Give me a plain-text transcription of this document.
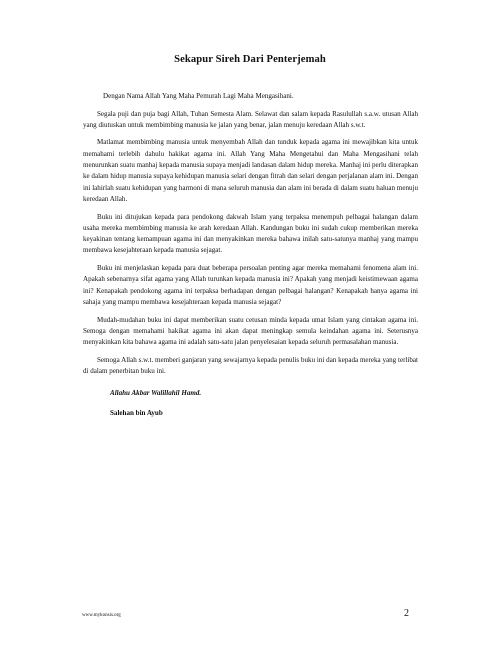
Sekapur Sireh Dari Penterjemah

Dengan Nama Allah Yang Maha Pemurah Lagi Maha Mengasihani.

Segala puji dan puja bagi Allah, Tuhan Semesta Alam. Selawat dan salam kepada Rasulullah s.a.w. utusan Allah yang diutuskan untuk membimbing manusia ke jalan yang benar, jalan menuju keredaan Allah s.w.t.

Matlamat membimbing manusia untuk menyembah Allah dan tunduk kepada agama ini mewajibkan kita untuk memahami terlebih dahulu hakikat agama ini. Allah Yang Maha Mengetahui dan Maha Mengasihani telah menurunkan suatu manhaj kepada manusia supaya menjadi landasan dalam hidup mereka. Manhaj ini perlu diterapkan ke dalam hidup manusia supaya kehidupan manusia selari dengan fitrah dan selari dengan perjalanan alam ini. Dengan ini lahirlah suatu kehidupan yang harmoni di mana seluruh manusia dan alam ini berada di dalam suatu haluan menuju keredaan Allah.

Buku ini ditujukan kepada para pendokong dakwah Islam yang terpaksa menempuh pelbagai halangan dalam usaha mereka membimbing manusia ke arah keredaan Allah. Kandungan buku ini sudah cukup memberikan mereka keyakinan tentang kemampuan agama ini dan menyakinkan mereka bahawa inilah satu-satunya manhaj yang mampu membawa kesejahteraan kepada manusia sejagat.

Buku ini menjelaskan kepada para duat beberapa persoalan penting agar mereka memahami fenomena alam ini. Apakah sebenarnya sifat agama yang Allah turunkan kepada manusia ini? Apakah yang menjadi keistimewaan agama ini? Kenapakah pendokong agama ini terpaksa berhadapan dengan pelbagai halangan? Kenapakah hanya agama ini sahaja yang mampu membawa kesejahteraan kepada manusia sejagat?

Mudah-mudahan buku ini dapat memberikan suatu cetusan minda kepada umat Islam yang cintakan agama ini. Semoga dengan memahami hakikat agama ini akan dapat meningkap semula keindahan agama ini. Seterusnya menyakinkan kita bahawa agama ini adalah satu-satu jalan penyelesaian kepada seluruh permasalahan manusia.

Semoga Allah s.w.t. memberi ganjaran yang sewajarnya kepada penulis buku ini dan kepada mereka yang terlibat di dalam penerbitan buku ini.

Allahu Akbar Walillahil Hamd.
Salehan bin Ayub
www.mykonsis.org	2
